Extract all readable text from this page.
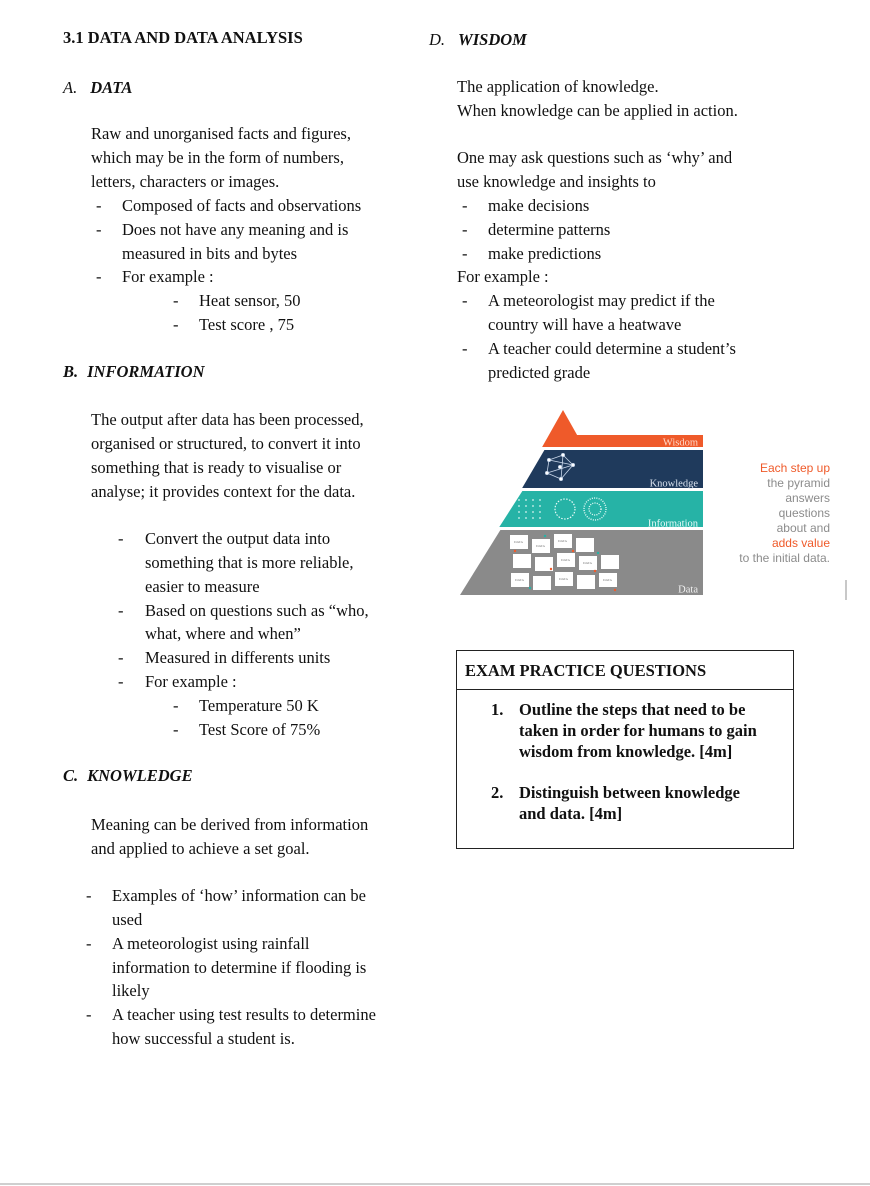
3.1 DATA AND DATA ANALYSIS
A. DATA
Raw and unorganised facts and figures,
which may be in the form of numbers,
letters, characters or images.
- Composed of facts and observations
- Does not have any meaning and is
measured in bits and bytes
- For example :
- Heat sensor, 50
- Test score , 75
B. INFORMATION
The output after data has been processed,
organised or structured, to convert it into
something that is ready to visualise or
analyse; it provides context for the data.
- Convert the output data into
something that is more reliable,
easier to measure
- Based on questions such as “who,
what, where and when”
- Measured in differents units
- For example :
- Temperature 50 K
- Test Score of 75%
C. KNOWLEDGE
Meaning can be derived from information
and applied to achieve a set goal.
- Examples of ‘how’ information can be
used
- A meteorologist using rainfall
information to determine if flooding is
likely
- A teacher using test results to determine
how successful a student is.
D. WISDOM
The application of knowledge.
When knowledge can be applied in action.
One may ask questions such as ‘why’ and
use knowledge and insights to
- make decisions
- determine patterns
- make predictions
For example :
- A meteorologist may predict if the
country will have a heatwave
- A teacher could determine a student’s
predicted grade
DATA
DATA
DATA
DATA
DATA
DATA	DATA	DATA
Wisdom
Knowledge
Information
Data
Each step up
the pyramid
answers
questions
about and
adds value
to the initial data.
EXAM PRACTICE QUESTIONS
1. Outline the steps that need to be
taken in order for humans to gain
wisdom from knowledge. [4m]
2. Distinguish between knowledge
and data. [4m]
